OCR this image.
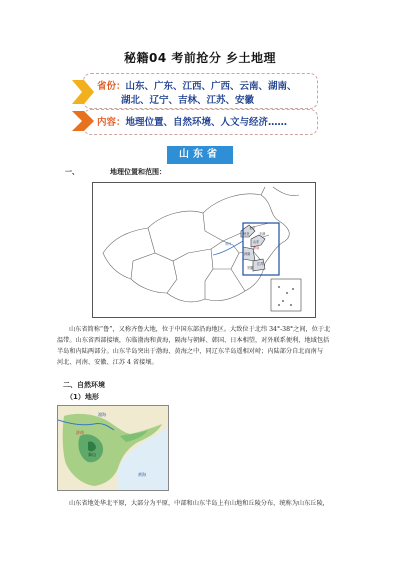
秘籍04 考前抢分 乡土地理
省份：山东、广东、江西、广西、云南、湖南、
湖北、辽宁、吉林、江苏、安徽
内容：地理位置、自然环境、人文与经济……
山东省
一、	地理位置和范围：
北京
天津
河北
山东
河南
江苏
安徽
济南
黄河
山东省简称“鲁”，又称齐鲁大地，位于中国东部沿海地区。大致位于北纬 34°-38°之间，位于北
温带。山东省西部接壤，东临渤海和黄海，隔海与朝鲜、韩国、日本相望，对外联系便利，地域包括
半岛和内陆两部分。山东半岛突出于渤海、黄海之中，同辽东半岛遥相对峙；内陆部分自北而南与
河北、河南、安徽、江苏 4 省接壤。
二、自然环境
（1）地形
渤海
泰山
黄海
济南
山东省地处华北平原，大部分为平原，中部和山东半岛上有山地和丘陵分布，统称为山东丘陵，
